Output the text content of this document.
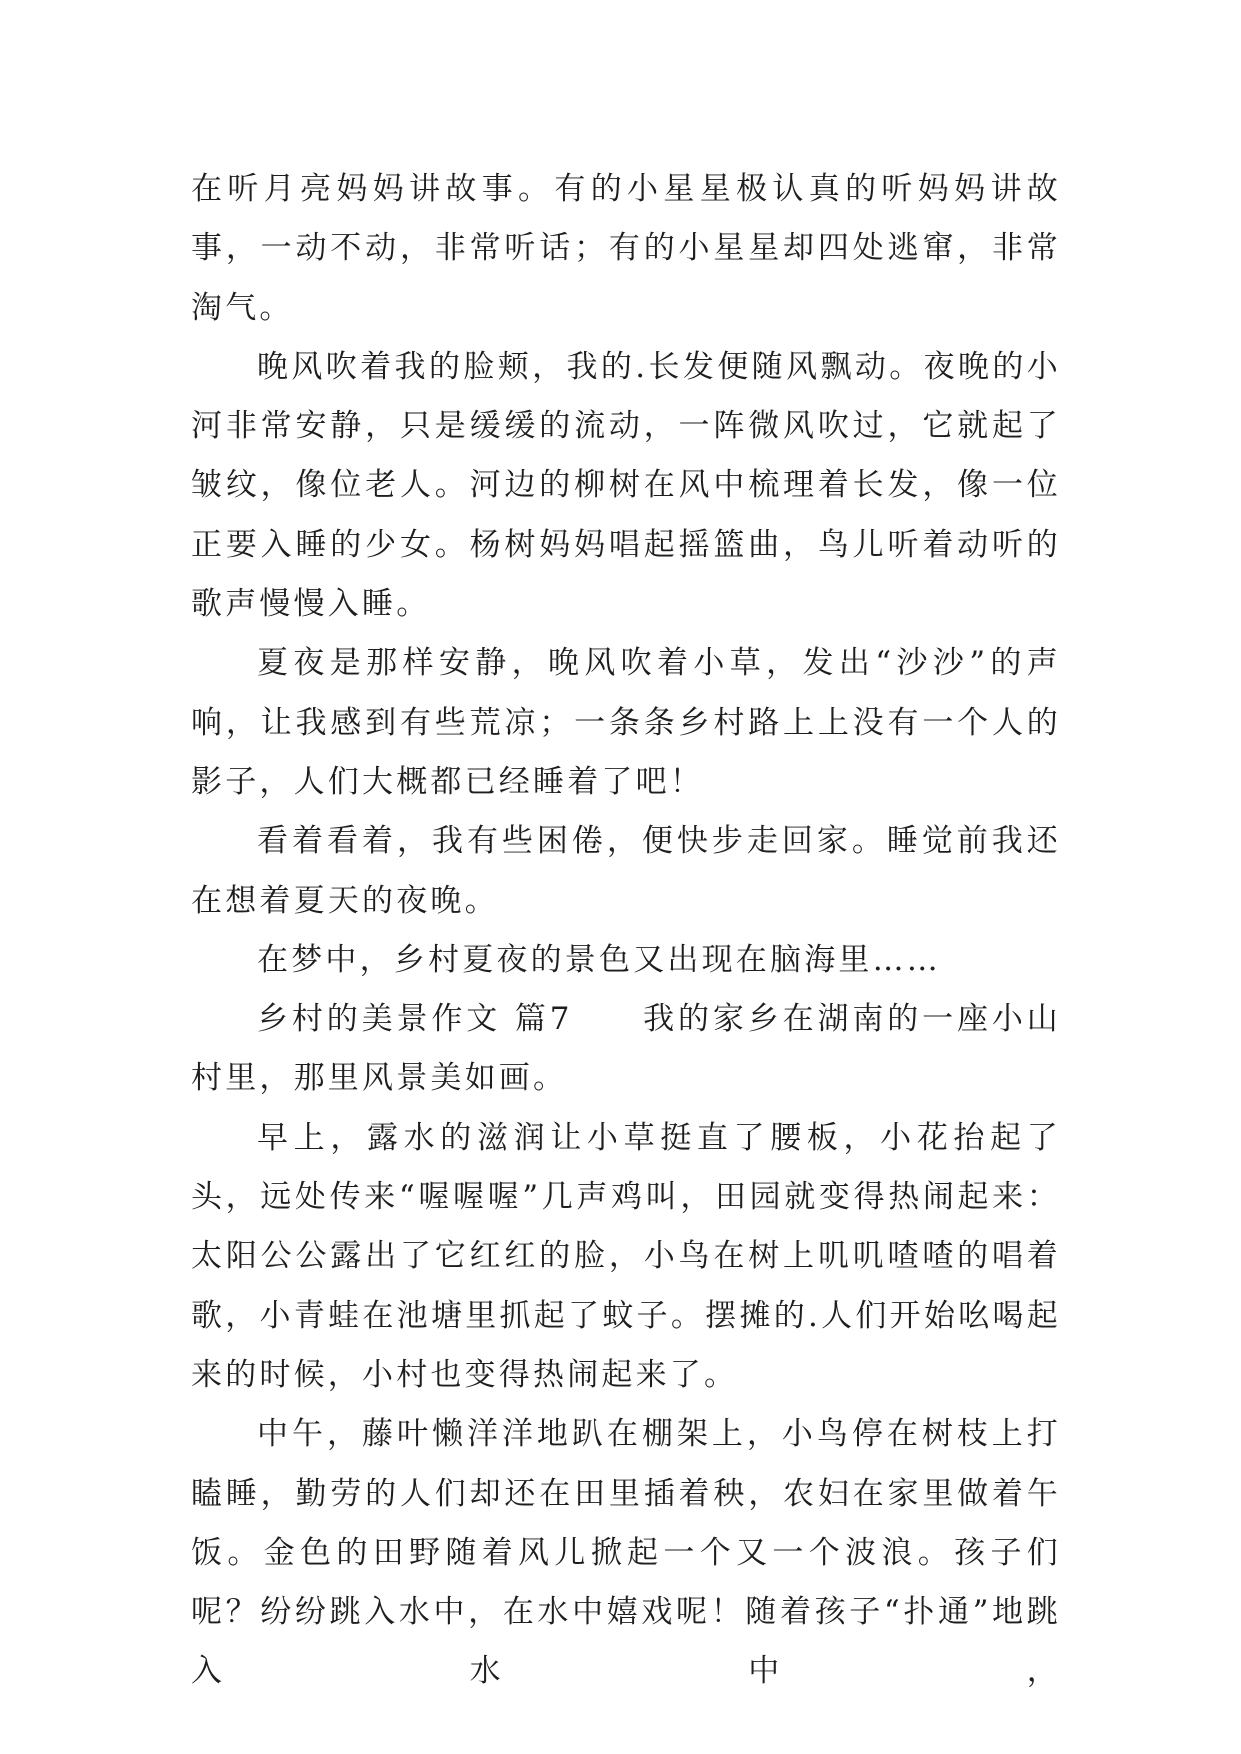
在听月亮妈妈讲故事。有的小星星极认真的听妈妈讲故事，一动不动，非常听话；有的小星星却四处逃窜，非常淘气。

晚风吹着我的脸颊，我的.长发便随风飘动。夜晚的小河非常安静，只是缓缓的流动，一阵微风吹过，它就起了皱纹，像位老人。河边的柳树在风中梳理着长发，像一位正要入睡的少女。杨树妈妈唱起摇篮曲，鸟儿听着动听的歌声慢慢入睡。

夏夜是那样安静，晚风吹着小草，发出“沙沙”的声响，让我感到有些荒凉；一条条乡村路上上没有一个人的影子，人们大概都已经睡着了吧！

看着看着，我有些困倦，便快步走回家。睡觉前我还在想着夏天的夜晚。

在梦中，乡村夏夜的景色又出现在脑海里……

乡村的美景作文 篇7　　我的家乡在湖南的一座小山村里，那里风景美如画。

早上，露水的滋润让小草挺直了腰板，小花抬起了头，远处传来“喔喔喔”几声鸡叫，田园就变得热闹起来：太阳公公露出了它红红的脸，小鸟在树上叽叽喳喳的唱着歌，小青蛙在池塘里抓起了蚊子。摆摊的.人们开始吆喝起来的时候，小村也变得热闹起来了。

中午，藤叶懒洋洋地趴在棚架上，小鸟停在树枝上打瞌睡，勤劳的人们却还在田里插着秧，农妇在家里做着午饭。金色的田野随着风儿掀起一个又一个波浪。孩子们呢？纷纷跳入水中，在水中嬉戏呢！随着孩子“扑通”地跳入水中，
